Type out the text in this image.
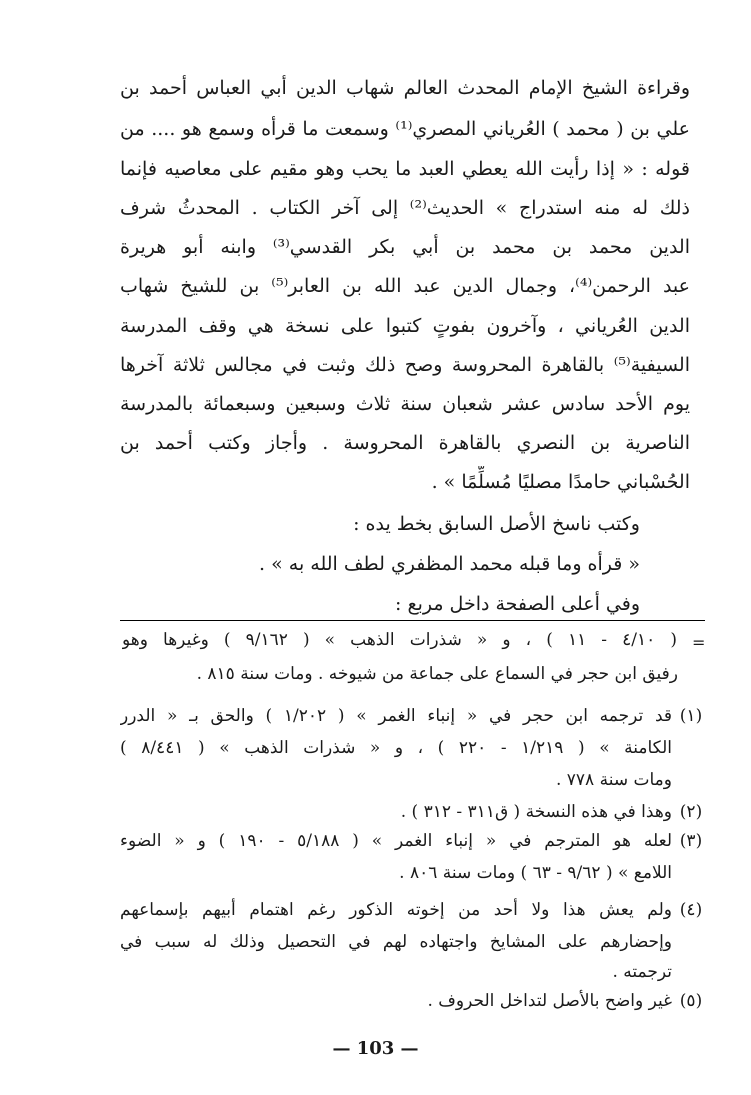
وقراءة الشيخ الإمام المحدث العالم شهاب الدين أبي العباس أحمد بن
علي بن ( محمد ) العُرياني المصري⁽¹⁾ وسمعت ما قرأه وسمع هو .... من
قوله : « إذا رأيت الله يعطي العبد ما يحب وهو مقيم على معاصيه فإنما
ذلك له منه استدراج » الحديث⁽²⁾ إلى آخر الكتاب . المحدثُ شرف
الدين محمد بن محمد بن أبي بكر القدسي⁽³⁾ وابنه أبو هريرة
عبد الرحمن⁽⁴⁾، وجمال الدين عبد الله بن العابر⁽⁵⁾ بن للشيخ شهاب
الدين العُرياني ، وآخرون بفوتٍ كتبوا على نسخة هي وقف المدرسة
السيفية⁽⁵⁾ بالقاهرة المحروسة وصح ذلك وثبت في مجالس ثلاثة آخرها
يوم الأحد سادس عشر شعبان سنة ثلاث وسبعين وسبعمائة بالمدرسة
الناصرية بن النصري بالقاهرة المحروسة . وأجاز وكتب أحمد بن
الحُسْباني حامدًا مصليًا مُسلِّمًا » .
وكتب ناسخ الأصل السابق بخط يده :
« قرأه وما قبله محمد المظفري لطف الله به » .
وفي أعلى الصفحة داخل مربع :
=
( ٤/١٠ - ١١ ) ، و « شذرات الذهب » ( ٩/١٦٢ ) وغيرها وهو
رفيق ابن حجر في السماع على جماعة من شيوخه . ومات سنة ٨١٥ .
(١)
قد ترجمه ابن حجر في « إنباء الغمر » ( ١/٢٠٢ ) والحق بـ « الدرر
الكامنة » ( ١/٢١٩ - ٢٢٠ ) ، و « شذرات الذهب » ( ٨/٤٤١ )
ومات سنة ٧٧٨ .
(٢)
وهذا في هذه النسخة ( ق٣١١ - ٣١٢ ) .
(٣)
لعله هو المترجم في « إنباء الغمر » ( ٥/١٨٨ - ١٩٠ ) و « الضوء
اللامع » ( ٩/٦٢ - ٦٣ ) ومات سنة ٨٠٦ .
(٤)
ولم يعش هذا ولا أحد من إخوته الذكور رغم اهتمام أبيهم بإسماعهم
وإحضارهم على المشايخ واجتهاده لهم في التحصيل وذلك له سبب في
ترجمته .
(٥)
غير واضح بالأصل لتداخل الحروف .
— 103 —
